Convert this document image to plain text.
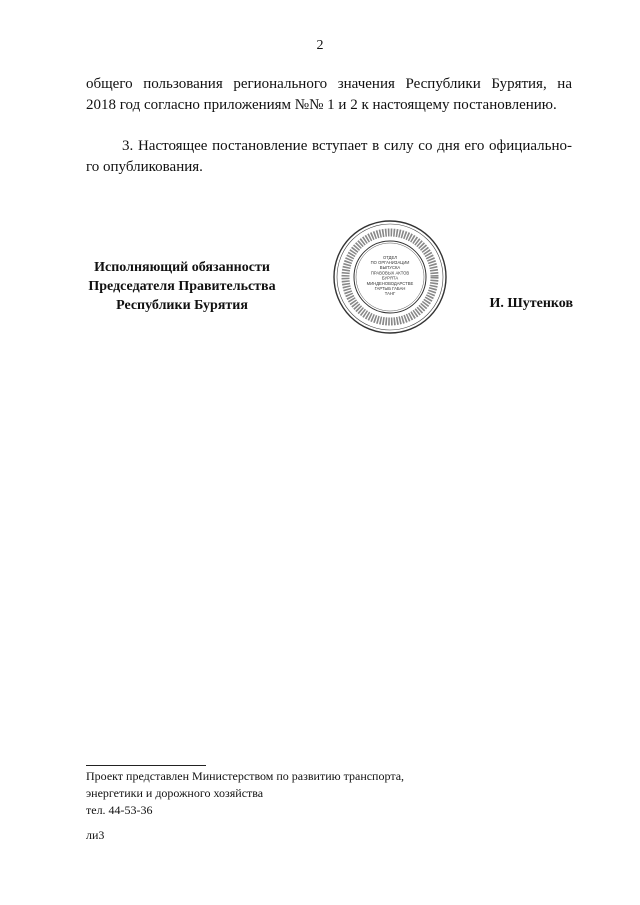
2
общего пользования регионального значения Республики Бурятия, на
2018 год согласно приложениям №№ 1 и 2 к настоящему постановлению.
3. Настоящее постановление вступает в силу со дня его официально-
го опубликования.
Исполняющий обязанности
Председателя Правительства
Республики Бурятия
ОТДЕЛ
ПО ОРГАНИЗАЦИИ
ВЫПУСКА
ПРАВОВЫХ АКТОВ
БУРЯТА
МИНДЕНОВОДАРСТВЕ
ГАРТЫБ ГАБАН
ТАНГ
И. Шутенков
Проект представлен Министерством по развитию транспорта,
энергетики и дорожного хозяйства
тел. 44-53-36
ли3
